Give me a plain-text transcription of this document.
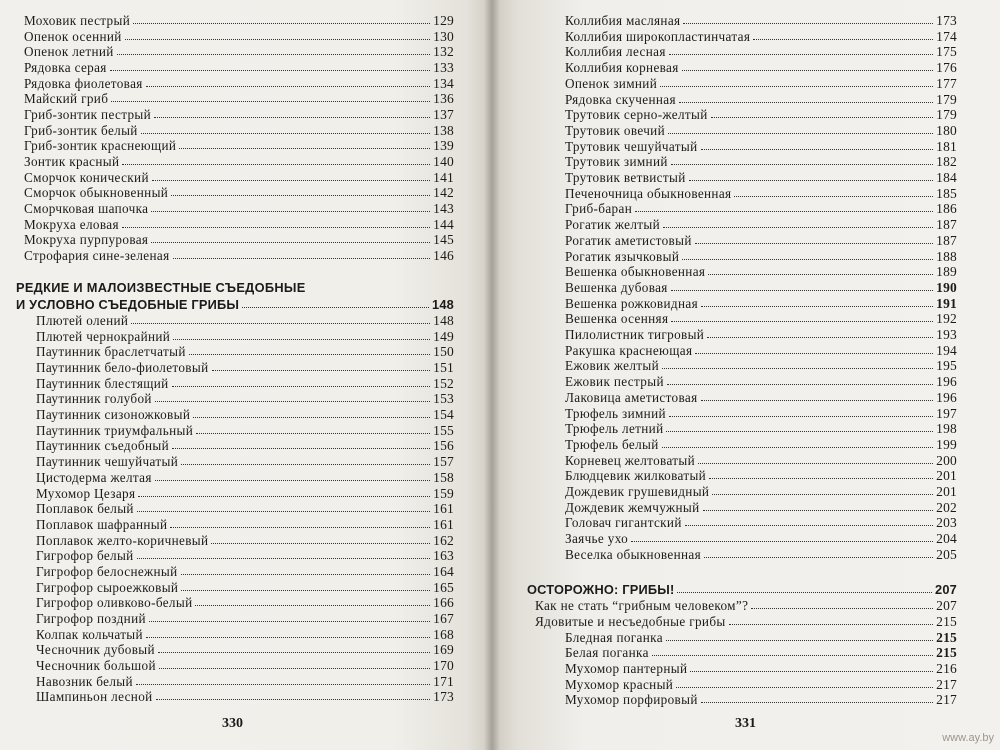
Моховик пестрый	129
Опенок осенний	130
Опенок летний	132
Рядовка серая	133
Рядовка фиолетовая	134
Майский гриб	136
Гриб-зонтик пестрый	137
Гриб-зонтик белый	138
Гриб-зонтик краснеющий	139
Зонтик красный	140
Сморчок конический	141
Сморчок обыкновенный	142
Сморчковая шапочка	143
Мокруха еловая	144
Мокруха пурпуровая	145
Строфария сине-зеленая	146
РЕДКИЕ И МАЛОИЗВЕСТНЫЕ СЪЕДОБНЫЕ
И УСЛОВНО СЪЕДОБНЫЕ ГРИБЫ	148
Плютей олений	148
Плютей чернокрайний	149
Паутинник браслетчатый	150
Паутинник бело-фиолетовый	151
Паутинник блестящий	152
Паутинник голубой	153
Паутинник сизоножковый	154
Паутинник триумфальный	155
Паутинник съедобный	156
Паутинник чешуйчатый	157
Цистодерма желтая	158
Мухомор Цезаря	159
Поплавок белый	161
Поплавок шафранный	161
Поплавок желто-коричневый	162
Гигрофор белый	163
Гигрофор белоснежный	164
Гигрофор сыроежковый	165
Гигрофор оливково-белый	166
Гигрофор поздний	167
Колпак кольчатый	168
Чесночник дубовый	169
Чесночник большой	170
Навозник белый	171
Шампиньон лесной	173
330
Коллибия масляная	173
Коллибия широкопластинчатая	174
Коллибия лесная	175
Коллибия корневая	176
Опенок зимний	177
Рядовка скученная	179
Трутовик серно-желтый	179
Трутовик овечий	180
Трутовик чешуйчатый	181
Трутовик зимний	182
Трутовик ветвистый	184
Печеночница обыкновенная	185
Гриб-баран	186
Рогатик желтый	187
Рогатик аметистовый	187
Рогатик язычковый	188
Вешенка обыкновенная	189
Вешенка дубовая	190
Вешенка рожковидная	191
Вешенка осенняя	192
Пилолистник тигровый	193
Ракушка краснеющая	194
Ежовик желтый	195
Ежовик пестрый	196
Лаковица аметистовая	196
Трюфель зимний	197
Трюфель летний	198
Трюфель белый	199
Корневец желтоватый	200
Блюдцевик жилковатый	201
Дождевик грушевидный	201
Дождевик жемчужный	202
Головач гигантский	203
Заячье ухо	204
Веселка обыкновенная	205
ОСТОРОЖНО: ГРИБЫ!	207
Как не стать “грибным человеком”?	207
Ядовитые и несъедобные грибы	215
Бледная поганка	215
Белая поганка	215
Мухомор пантерный	216
Мухомор красный	217
Мухомор порфировый	217
331
www.ay.by
